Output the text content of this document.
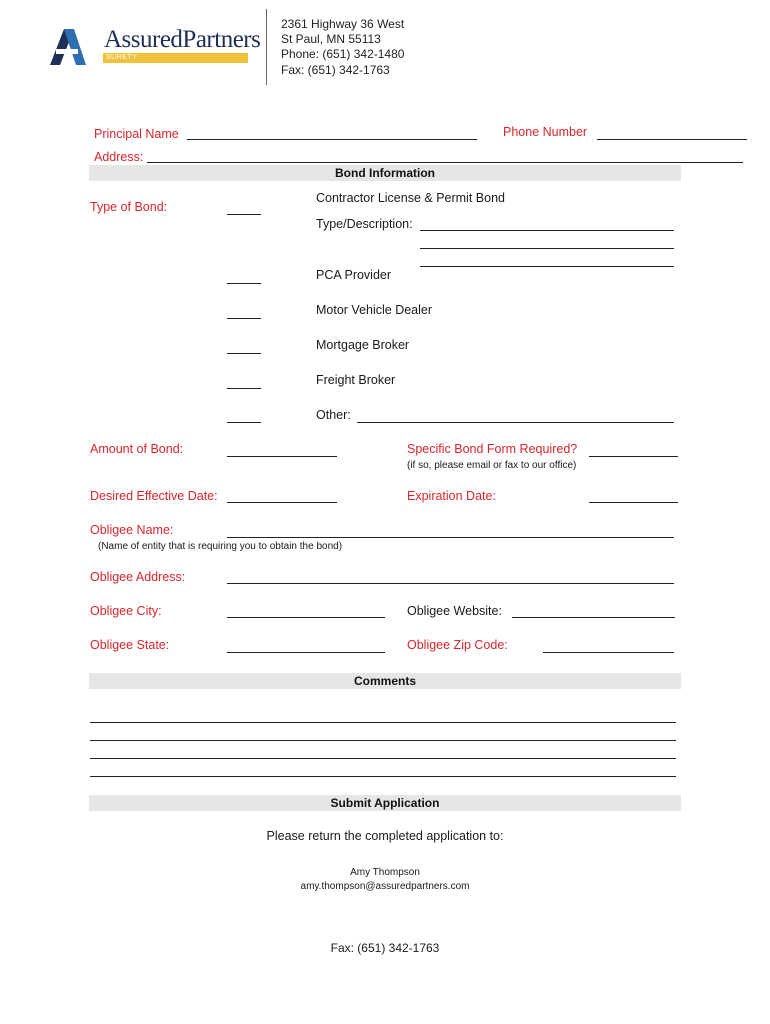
AssuredPartners
SURETY
2361 Highway 36 West
St Paul, MN 55113
Phone: (651) 342-1480
Fax: (651) 342-1763
Principal Name	Phone Number
Address:
Bond Information
Type of Bond:
Contractor License & Permit Bond
Type/Description:
PCA Provider
Motor Vehicle Dealer
Mortgage Broker
Freight Broker
Other:
Amount of Bond:	Specific Bond Form Required?
(if so, please email or fax to our office)
Desired Effective Date:	Expiration Date:
Obligee Name:
(Name of entity that is requiring you to obtain the bond)
Obligee Address:
Obligee City:	Obligee Website:
Obligee State:	Obligee Zip Code:
Comments
Submit Application
Please return the completed application to:
Amy Thompson
amy.thompson@assuredpartners.com
Fax: (651) 342-1763
